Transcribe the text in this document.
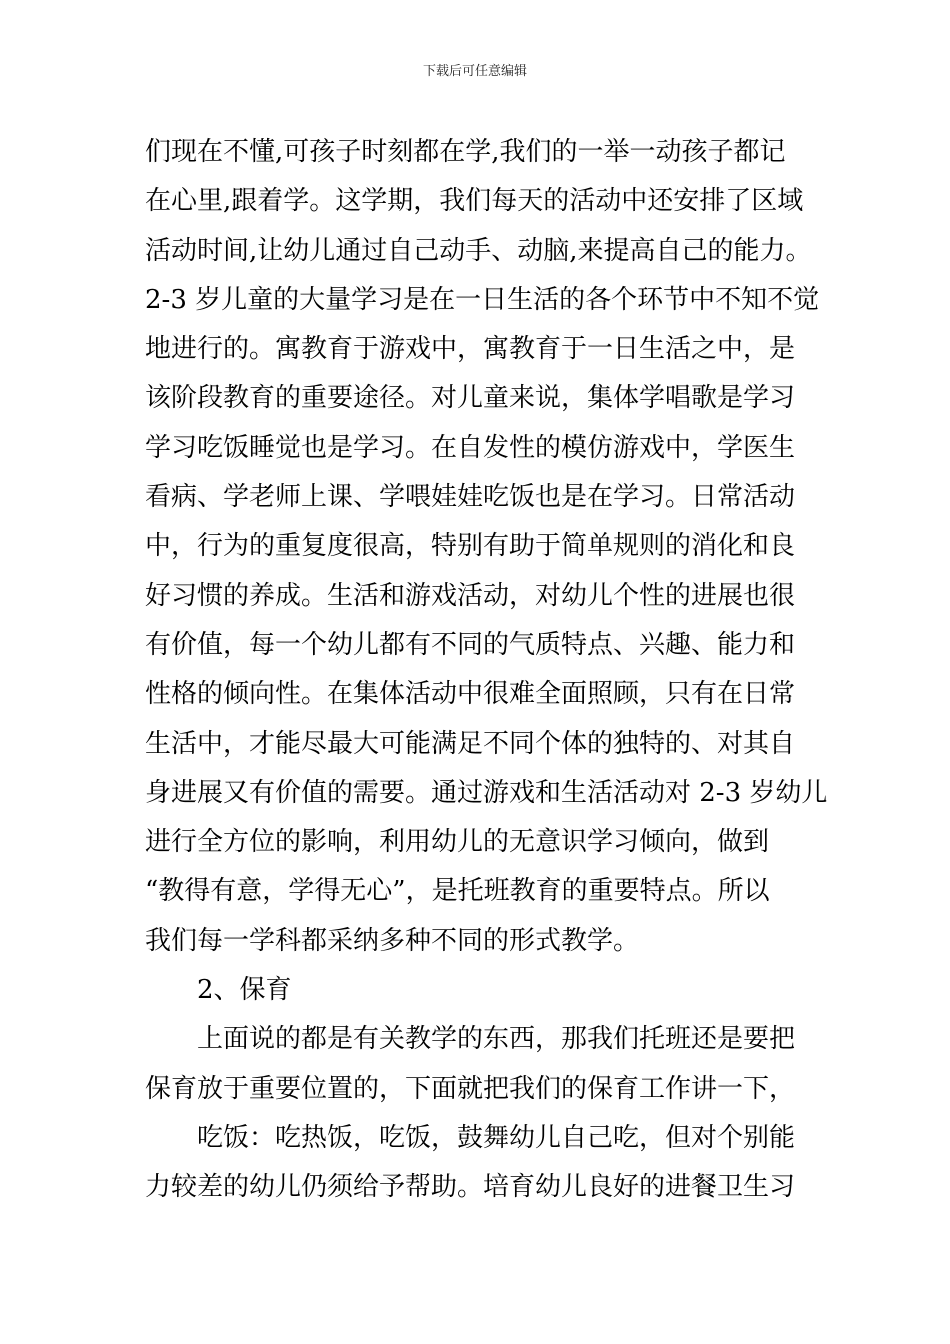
下载后可任意编辑
们现在不懂,可孩子时刻都在学,我们的一举一动孩子都记
在心里,跟着学。这学期，我们每天的活动中还安排了区域
活动时间,让幼儿通过自己动手、动脑,来提高自己的能力。
2-3 岁儿童的大量学习是在一日生活的各个环节中不知不觉
地进行的。寓教育于游戏中，寓教育于一日生活之中，是
该阶段教育的重要途径。对儿童来说，集体学唱歌是学习
学习吃饭睡觉也是学习。在自发性的模仿游戏中，学医生
看病、学老师上课、学喂娃娃吃饭也是在学习。日常活动
中，行为的重复度很高，特别有助于简单规则的消化和良
好习惯的养成。生活和游戏活动，对幼儿个性的进展也很
有价值，每一个幼儿都有不同的气质特点、兴趣、能力和
性格的倾向性。在集体活动中很难全面照顾，只有在日常
生活中，才能尽最大可能满足不同个体的独特的、对其自
身进展又有价值的需要。通过游戏和生活活动对 2-3 岁幼儿
进行全方位的影响，利用幼儿的无意识学习倾向，做到
“教得有意，学得无心”，是托班教育的重要特点。所以
我们每一学科都采纳多种不同的形式教学。
2、保育
上面说的都是有关教学的东西，那我们托班还是要把
保育放于重要位置的，下面就把我们的保育工作讲一下，
吃饭：吃热饭，吃饭，鼓舞幼儿自己吃，但对个别能
力较差的幼儿仍须给予帮助。培育幼儿良好的进餐卫生习
